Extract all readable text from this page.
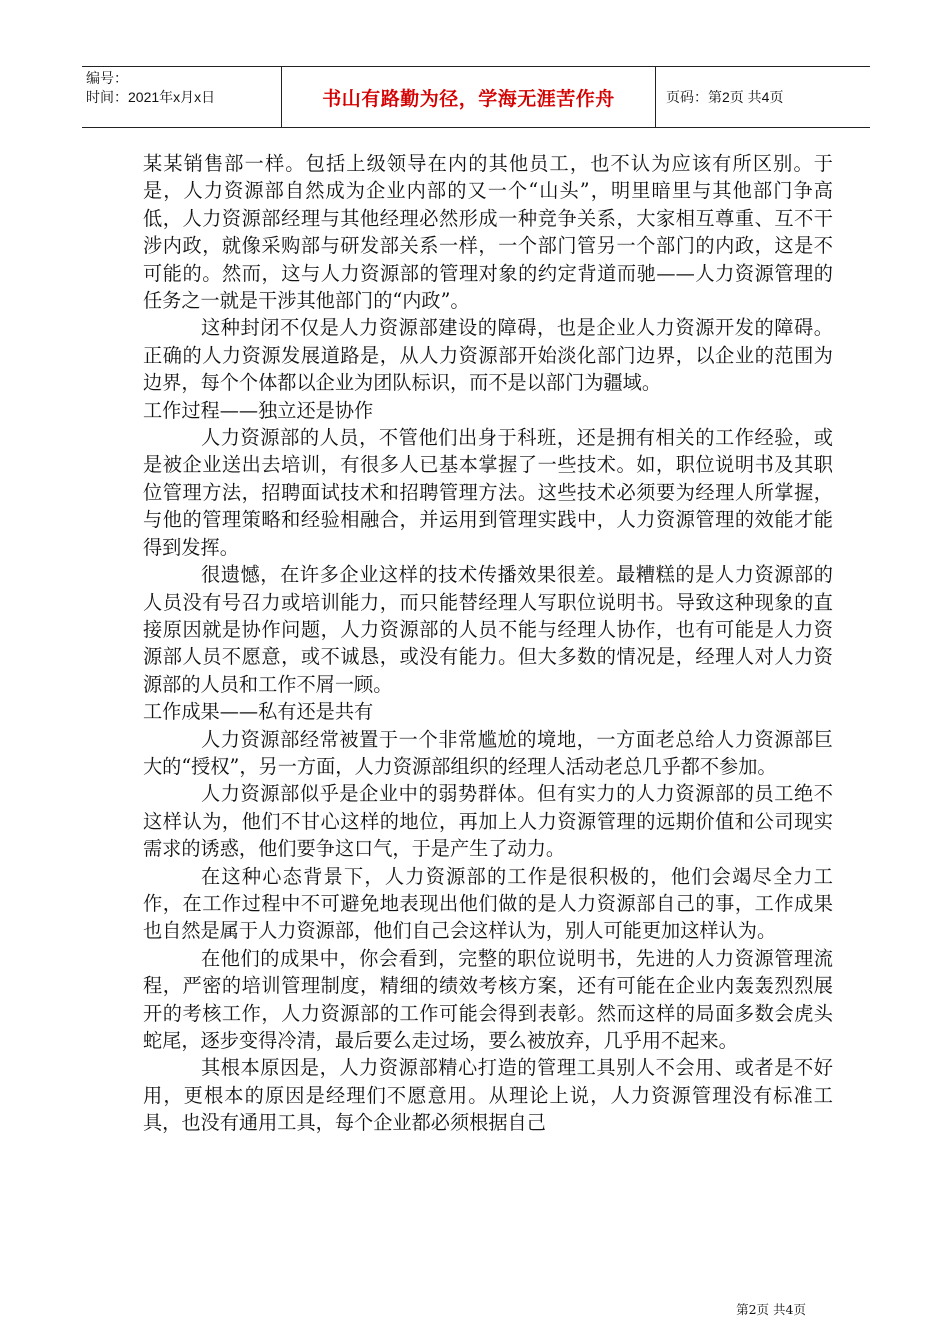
编号：
时间：2021年x月x日	书山有路勤为径，学海无涯苦作舟	页码：第2页 共4页

某某销售部一样。包括上级领导在内的其他员工，也不认为应该有所区别。于是，人力资源部自然成为企业内部的又一个“山头”，明里暗里与其他部门争高低，人力资源部经理与其他经理必然形成一种竞争关系，大家相互尊重、互不干涉内政，就像采购部与研发部关系一样，一个部门管另一个部门的内政，这是不可能的。然而，这与人力资源部的管理对象的约定背道而驰——人力资源管理的任务之一就是干涉其他部门的“内政”。

这种封闭不仅是人力资源部建设的障碍，也是企业人力资源开发的障碍。正确的人力资源发展道路是，从人力资源部开始淡化部门边界，以企业的范围为边界，每个个体都以企业为团队标识，而不是以部门为疆域。

工作过程——独立还是协作

人力资源部的人员，不管他们出身于科班，还是拥有相关的工作经验，或是被企业送出去培训，有很多人已基本掌握了一些技术。如，职位说明书及其职位管理方法，招聘面试技术和招聘管理方法。这些技术必须要为经理人所掌握，与他的管理策略和经验相融合，并运用到管理实践中，人力资源管理的效能才能得到发挥。

很遗憾，在许多企业这样的技术传播效果很差。最糟糕的是人力资源部的人员没有号召力或培训能力，而只能替经理人写职位说明书。导致这种现象的直接原因就是协作问题，人力资源部的人员不能与经理人协作，也有可能是人力资源部人员不愿意，或不诚恳，或没有能力。但大多数的情况是，经理人对人力资源部的人员和工作不屑一顾。

工作成果——私有还是共有

人力资源部经常被置于一个非常尴尬的境地，一方面老总给人力资源部巨大的“授权”，另一方面，人力资源部组织的经理人活动老总几乎都不参加。

人力资源部似乎是企业中的弱势群体。但有实力的人力资源部的员工绝不这样认为，他们不甘心这样的地位，再加上人力资源管理的远期价值和公司现实需求的诱惑，他们要争这口气，于是产生了动力。

在这种心态背景下，人力资源部的工作是很积极的，他们会竭尽全力工作，在工作过程中不可避免地表现出他们做的是人力资源部自己的事，工作成果也自然是属于人力资源部，他们自己会这样认为，别人可能更加这样认为。

在他们的成果中，你会看到，完整的职位说明书，先进的人力资源管理流程，严密的培训管理制度，精细的绩效考核方案，还有可能在企业内轰轰烈烈展开的考核工作，人力资源部的工作可能会得到表彰。然而这样的局面多数会虎头蛇尾，逐步变得冷清，最后要么走过场，要么被放弃，几乎用不起来。

其根本原因是，人力资源部精心打造的管理工具别人不会用、或者是不好用，更根本的原因是经理们不愿意用。从理论上说，人力资源管理没有标准工具，也没有通用工具，每个企业都必须根据自己

第2页 共4页
